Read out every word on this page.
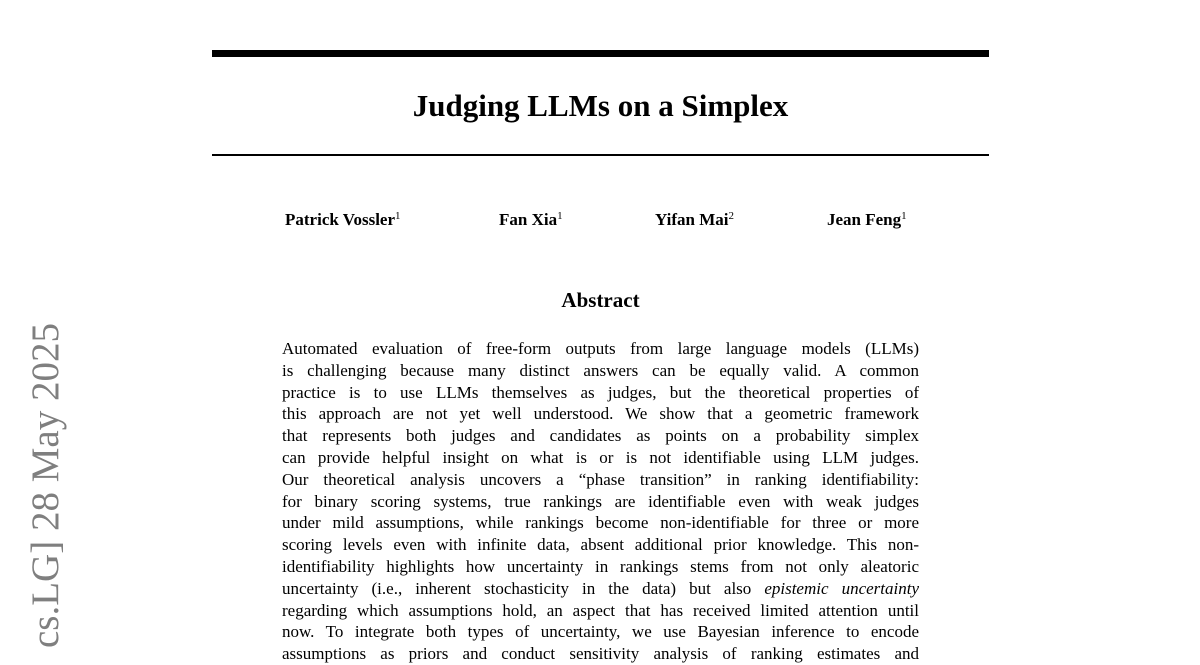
Judging LLMs on a Simplex
Patrick Vossler$^1$	Fan Xia$^1$	Yifan Mai$^2$	Jean Feng$^1$
Abstract
Automated evaluation of free-form outputs from large language models (LLMs)
is challenging because many distinct answers can be equally valid. A common
practice is to use LLMs themselves as judges, but the theoretical properties of
this approach are not yet well understood. We show that a geometric framework
that represents both judges and candidates as points on a probability simplex
can provide helpful insight on what is or is not identifiable using LLM judges.
Our theoretical analysis uncovers a “phase transition” in ranking identifiability:
for binary scoring systems, true rankings are identifiable even with weak judges
under mild assumptions, while rankings become non-identifiable for three or more
scoring levels even with infinite data, absent additional prior knowledge. This non-
identifiability highlights how uncertainty in rankings stems from not only aleatoric
uncertainty (i.e., inherent stochasticity in the data) but also epistemic uncertainty
regarding which assumptions hold, an aspect that has received limited attention until
now. To integrate both types of uncertainty, we use Bayesian inference to encode
assumptions as priors and conduct sensitivity analysis of ranking estimates and
cs.LG] 28 May 2025
